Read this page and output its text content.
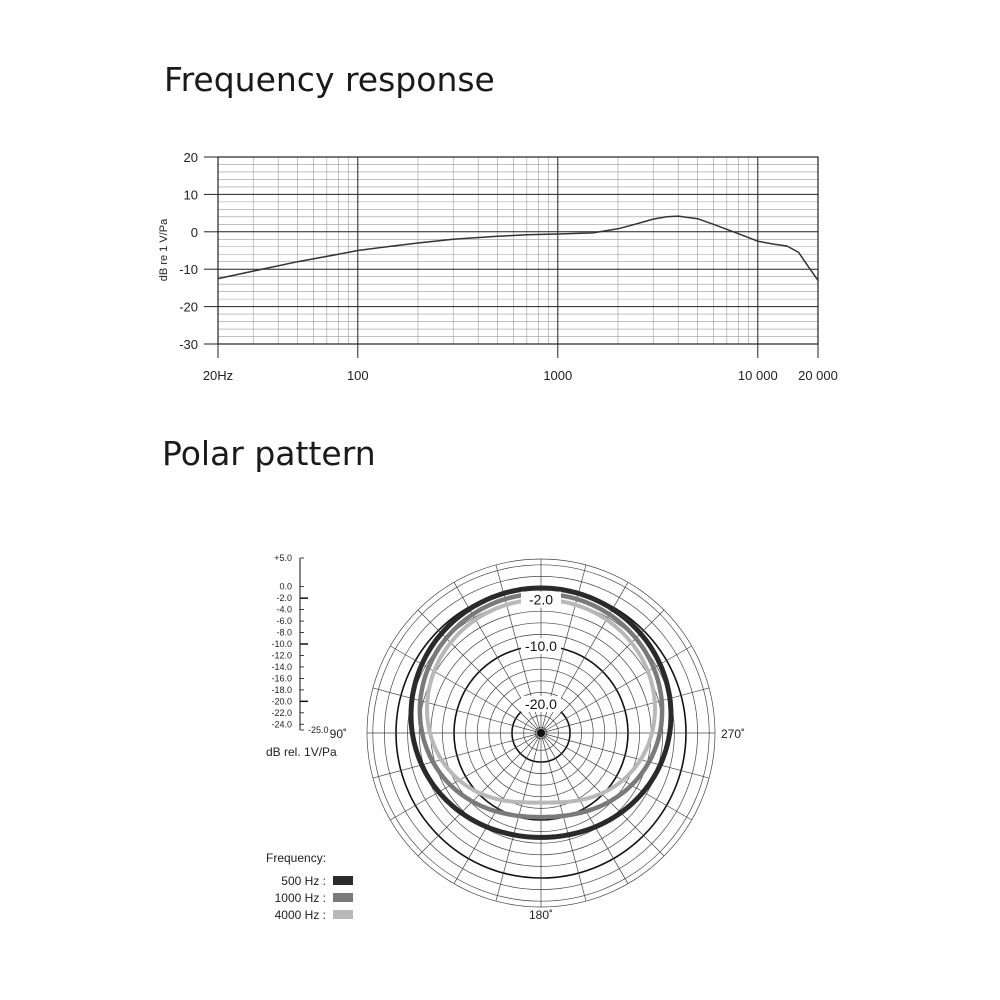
Frequency response
Polar pattern
20
10
0
-10
-20
-30
20Hz	100	1000	10 000 20 000
dB re 1 V/Pa
90˚	270˚
180˚
-2.0
-10.0
-20.0
+5.0
0.0
-2.0
-4.0
-6.0
-8.0
-10.0
-12.0
-14.0
-16.0
-18.0
-20.0
-22.0
-24.0
-25.0
dB rel. 1V/Pa
Frequency:
500 Hz :
1000 Hz :
4000 Hz :
